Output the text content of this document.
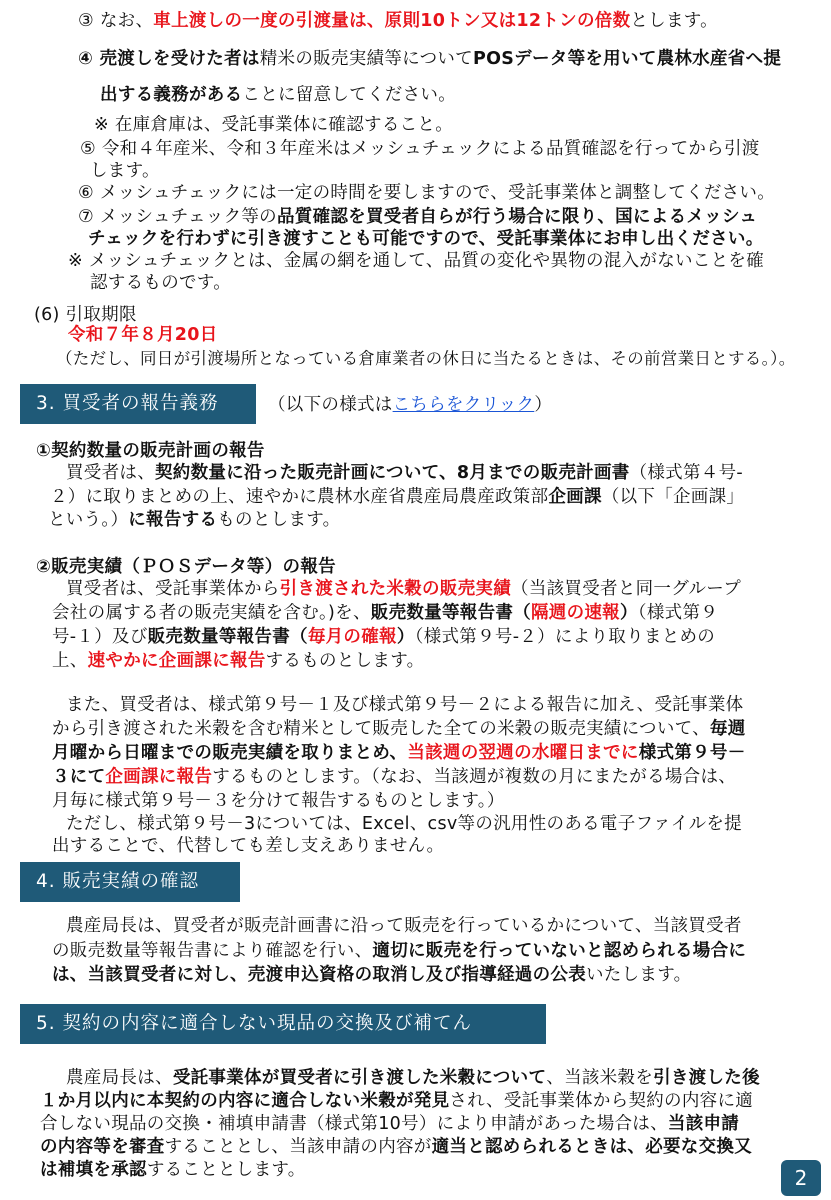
③ なお、車上渡しの一度の引渡量は、原則10トン又は12トンの倍数とします。
④ 売渡しを受けた者は精米の販売実績等についてPOSデータ等を用いて農林水産省へ提
出する義務があることに留意してください。
※ 在庫倉庫は、受託事業体に確認すること。
⑤ 令和４年産米、令和３年産米はメッシュチェックによる品質確認を行ってから引渡
します。
⑥ メッシュチェックには一定の時間を要しますので、受託事業体と調整してください。
⑦ メッシュチェック等の品質確認を買受者自らが行う場合に限り、国によるメッシュ
チェックを行わずに引き渡すことも可能ですので、受託事業体にお申し出ください。
※ メッシュチェックとは、金属の網を通して、品質の変化や異物の混入がないことを確
認するものです。
(6) 引取期限
令和７年８月20日
（ただし、同日が引渡場所となっている倉庫業者の休日に当たるときは、その前営業日とする。）。
3. 買受者の報告義務	（以下の様式はこちらをクリック）
①契約数量の販売計画の報告
買受者は、契約数量に沿った販売計画について、8月までの販売計画書（様式第４号-
２）に取りまとめの上、速やかに農林水産省農産局農産政策部企画課（以下「企画課」
という。）に報告するものとします。
②販売実績（ＰＯＳデータ等）の報告
買受者は、受託事業体から引き渡された米穀の販売実績（当該買受者と同一グループ
会社の属する者の販売実績を含む。)を、販売数量等報告書（隔週の速報）（様式第９
号-１）及び販売数量等報告書（毎月の確報）（様式第９号-２）により取りまとめの
上、速やかに企画課に報告するものとします。
また、買受者は、様式第９号－１及び様式第９号－２による報告に加え、受託事業体
から引き渡された米穀を含む精米として販売した全ての米穀の販売実績について、毎週
月曜から日曜までの販売実績を取りまとめ、当該週の翌週の水曜日までに様式第９号－
３にて企画課に報告するものとします。（なお、当該週が複数の月にまたがる場合は、
月毎に様式第９号－３を分けて報告するものとします。）
ただし、様式第９号－3については、Excel、csv等の汎用性のある電子ファイルを提
出することで、代替しても差し支えありません。
4. 販売実績の確認
農産局長は、買受者が販売計画書に沿って販売を行っているかについて、当該買受者
の販売数量等報告書により確認を行い、適切に販売を行っていないと認められる場合に
は、当該買受者に対し、売渡申込資格の取消し及び指導経過の公表いたします。
5. 契約の内容に適合しない現品の交換及び補てん
農産局長は、受託事業体が買受者に引き渡した米穀について、当該米穀を引き渡した後
１か月以内に本契約の内容に適合しない米穀が発見され、受託事業体から契約の内容に適
合しない現品の交換・補填申請書（様式第10号）により申請があった場合は、当該申請
の内容等を審査することとし、当該申請の内容が適当と認められるときは、必要な交換又
は補填を承認することとします。	2
